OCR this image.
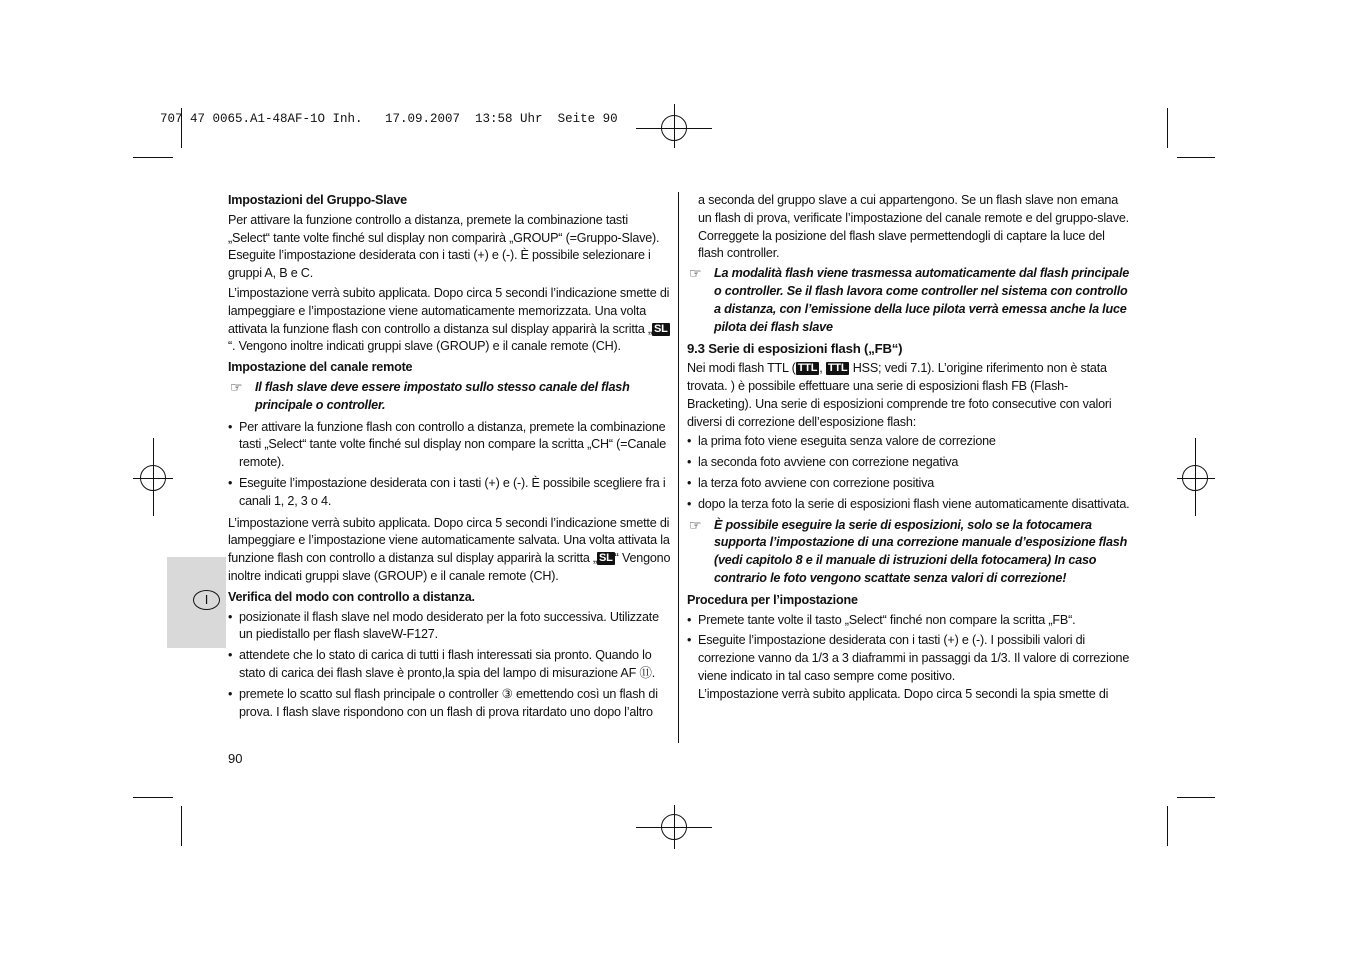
707 47 0065.A1-48AF-1O Inh.   17.09.2007  13:58 Uhr  Seite 90
I

Impostazioni del Gruppo-Slave

Per attivare la funzione controllo a distanza, premete la combinazione tasti „Select“ tante volte finché sul display non comparirà „GROUP“ (=Gruppo-Slave). Eseguite l’impostazione desiderata con i tasti (+) e (-). È possibile selezionare i gruppi A, B e C.

L’impostazione verrà subito applicata. Dopo circa 5 secondi l’indicazione smette di lampeggiare e l’impostazione viene automaticamente memorizzata. Una volta attivata la funzione flash con controllo a distanza sul display apparirà la scritta „ SL“. Vengono inoltre indicati gruppi slave (GROUP) e il canale remote (CH).

Impostazione del canale remote

☞ Il flash slave deve essere impostato sullo stesso canale del flash principale o controller.
• Per attivare la funzione flash con controllo a distanza, premete la combinazione tasti „Select“ tante volte finché sul display non compare la scritta „CH“ (=Canale remote).
• Eseguite l’impostazione desiderata con i tasti (+) e (-). È possibile scegliere fra i canali 1, 2, 3 o 4.

L’impostazione verrà subito applicata. Dopo circa 5 secondi l’indicazione smette di lampeggiare e l’impostazione viene automaticamente salvata. Una volta attivata la funzione flash con controllo a distanza sul display apparirà la scritta „ SL “ Vengono inoltre indicati gruppi slave (GROUP) e il canale remote (CH).

Verifica del modo con controllo a distanza.

• posizionate il flash slave nel modo desiderato per la foto successiva. Utilizzate un piedistallo per flash slaveW-F127.
• attendete che lo stato di carica di tutti i flash interessati sia pronto. Quando lo stato di carica dei flash slave è pronto,la spia del lampo di misurazione AF ⑪.
• premete lo scatto sul flash principale o controller ③ emettendo così un flash di prova. I flash slave rispondono con un flash di prova ritardato uno dopo l’altro

a seconda del gruppo slave a cui appartengono. Se un flash slave non emana un flash di prova, verificate l’impostazione del canale remote e del gruppo-slave. Correggete la posizione del flash slave permettendogli di captare la luce del flash controller.

☞ La modalità flash viene trasmessa automaticamente dal flash principale o controller. Se il flash lavora come controller nel sistema con controllo a distanza, con l’emissione della luce pilota verrà emessa anche la luce pilota dei flash slave

9.3 Serie di esposizioni flash („FB“)

Nei modi flash TTL ( TTL , TTL HSS; vedi 7.1). L’origine riferimento non è stata trovata. ) è possibile effettuare una serie di esposizioni flash FB (Flash-Bracketing). Una serie di esposizioni comprende tre foto consecutive con valori diversi di correzione dell’esposizione flash:

• la prima foto viene eseguita senza valore de correzione
• la seconda foto avviene con correzione negativa
• la terza foto avviene con correzione positiva
• dopo la terza foto la serie di esposizioni flash viene automaticamente disattivata.
☞ È possibile eseguire la serie di esposizioni, solo se la fotocamera supporta l’impostazione di una correzione manuale d’esposizione flash (vedi capitolo 8 e il manuale di istruzioni della fotocamera) In caso contrario le foto vengono scattate senza valori di correzione!

Procedura per l’impostazione

• Premete tante volte il tasto „Select“ finché non compare la scritta „FB“.
• Eseguite l’impostazione desiderata con i tasti (+) e (-). I possibili valori di correzione vanno da 1/3 a 3 diaframmi in passaggi da 1/3. Il valore di correzione viene indicato in tal caso sempre come positivo.

L’impostazione verrà subito applicata. Dopo circa 5 secondi la spia smette di

90
